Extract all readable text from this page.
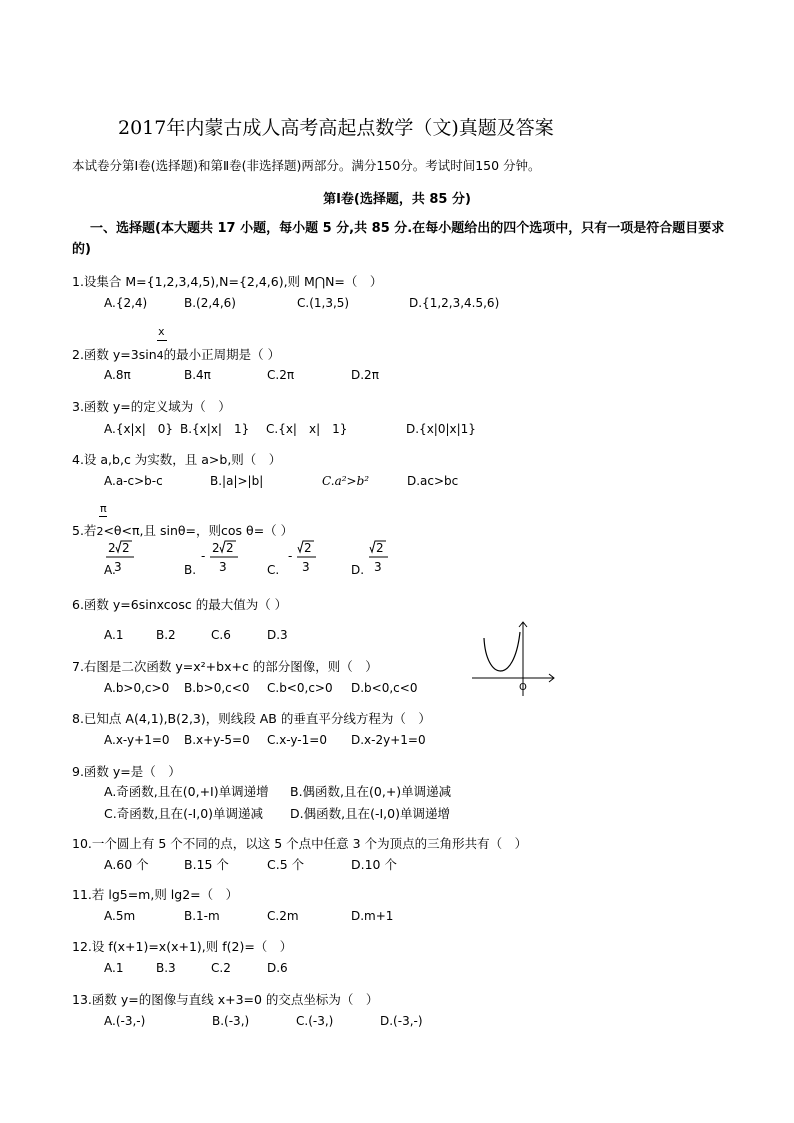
2017年内蒙古成人高考高起点数学（文)真题及答案
本试卷分第I卷(选择题)和第Ⅱ卷(非选择题)两部分。满分150分。考试时间150 分钟。
第Ⅰ卷(选择题，共 85 分)
一、选择题(本大题共 17 小题，每小题 5 分,共 85 分.在每小题给出的四个选项中，只有一项是符合题目要求的)
1.设集合 M={1,2,3,4,5),N={2,4,6),则 M⋂N=（　）
A.{2,4)	B.(2,4,6)	C.(1,3,5)	D.{1,2,3,4.5,6)
x
2.函数 y=3sin4的最小正周期是（ ）
A.8π	B.4π	C.2π	D.2π
3.函数 y=的定义域为（　）
A.{x|x|　0} B.{x|x|　1} C.{x|　x|　1}	D.{x|0|x|1}
4.设 a,b,c 为实数，且 a>b,则（　）
A.a-c>b-c	B.|a|>|b|	C.a²>b²	D.ac>bc
π
5.若2<θ<π,且 sinθ=，则cos θ=（ ）
A.	B.	C.	D.
2 2
3
-
2 2
3
-
2
3
2
3
6.函数 y=6sinxcosc 的最大值为（ ）
A.1	B.2	C.6	D.3
7.右图是二次函数 y=x²+bx+c 的部分图像，则（　）
A.b>0,c>0 B.b>0,c<0 C.b<0,c>0 D.b<0,c<0	O
8.已知点 A(4,1),B(2,3)，则线段 AB 的垂直平分线方程为（　）
A.x-y+1=0 B.x+y-5=0 C.x-y-1=0 D.x-2y+1=0
9.函数 y=是（　）
A.奇函数,且在(0,+I)单调递增 B.偶函数,且在(0,+)单调递减
C.奇函数,且在(-I,0)单调递减 D.偶函数,且在(-I,0)单调递增
10.一个圆上有 5 个不同的点，以这 5 个点中任意 3 个为顶点的三角形共有（　）
A.60 个	B.15 个	C.5 个	D.10 个
11.若 lg5=m,则 lg2=（　）
A.5m	B.1-m	C.2m	D.m+1
12.设 f(x+1)=x(x+1),则 f(2)=（　）
A.1	B.3	C.2	D.6
13.函数 y=的图像与直线 x+3=0 的交点坐标为（　）
A.(-3,-)	B.(-3,)	C.(-3,)	D.(-3,-)
